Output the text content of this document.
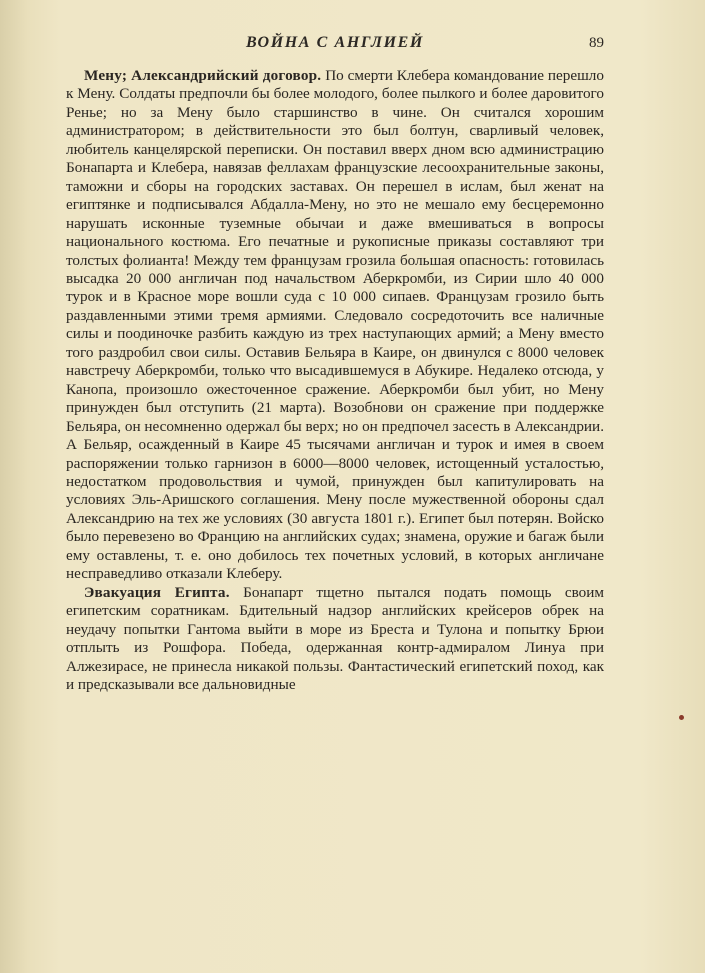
ВОЙНА С АНГЛИЕЙ	89

Мену; Александрийский договор. По смерти Клебера командование перешло к Мену. Солдаты предпочли бы более молодого, более пылкого и более даровитого Ренье; но за Мену было старшинство в чине. Он считался хорошим администратором; в действительности это был болтун, сварливый человек, любитель канцелярской переписки. Он поставил вверх дном всю администрацию Бонапарта и Клебера, навязав феллахам французские лесоохранительные законы, таможни и сборы на городских заставах. Он перешел в ислам, был женат на египтянке и подписывался Абдалла-Мену, но это не мешало ему бесцеремонно нарушать исконные туземные обычаи и даже вмешиваться в вопросы национального костюма. Его печатные и рукописные приказы составляют три толстых фолианта! Между тем французам грозила большая опасность: готовилась высадка 20 000 англичан под начальством Аберкромби, из Сирии шло 40 000 турок и в Красное море вошли суда с 10 000 сипаев. Французам грозило быть раздавленными этими тремя армиями. Следовало сосредоточить все наличные силы и поодиночке разбить каждую из трех наступающих армий; а Мену вместо того раздробил свои силы. Оставив Бельяра в Каире, он двинулся с 8000 человек навстречу Аберкромби, только что высадившемуся в Абукире. Недалеко отсюда, у Канопа, произошло ожесточенное сражение. Аберкромби был убит, но Мену принужден был отступить (21 марта). Возобнови он сражение при поддержке Бельяра, он несомненно одержал бы верх; но он предпочел засесть в Александрии. А Бельяр, осажденный в Каире 45 тысячами англичан и турок и имея в своем распоряжении только гарнизон в 6000—8000 человек, истощенный усталостью, недостатком продовольствия и чумой, принужден был капитулировать на условиях Эль-Аришского соглашения. Мену после мужественной обороны сдал Александрию на тех же условиях (30 августа 1801 г.). Египет был потерян. Войско было перевезено во Францию на английских судах; знамена, оружие и багаж были ему оставлены, т. е. оно добилось тех почетных условий, в которых англичане несправедливо отказали Клеберу.

Эвакуация Египта. Бонапарт тщетно пытался подать помощь своим египетским соратникам. Бдительный надзор английских крейсеров обрек на неудачу попытки Гантома выйти в море из Бреста и Тулона и попытку Брюи отплыть из Рошфора. Победа, одержанная контр-адмиралом Линуа при Алжезирасе, не принесла никакой пользы. Фантастический египетский поход, как и предсказывали все дальновидные
